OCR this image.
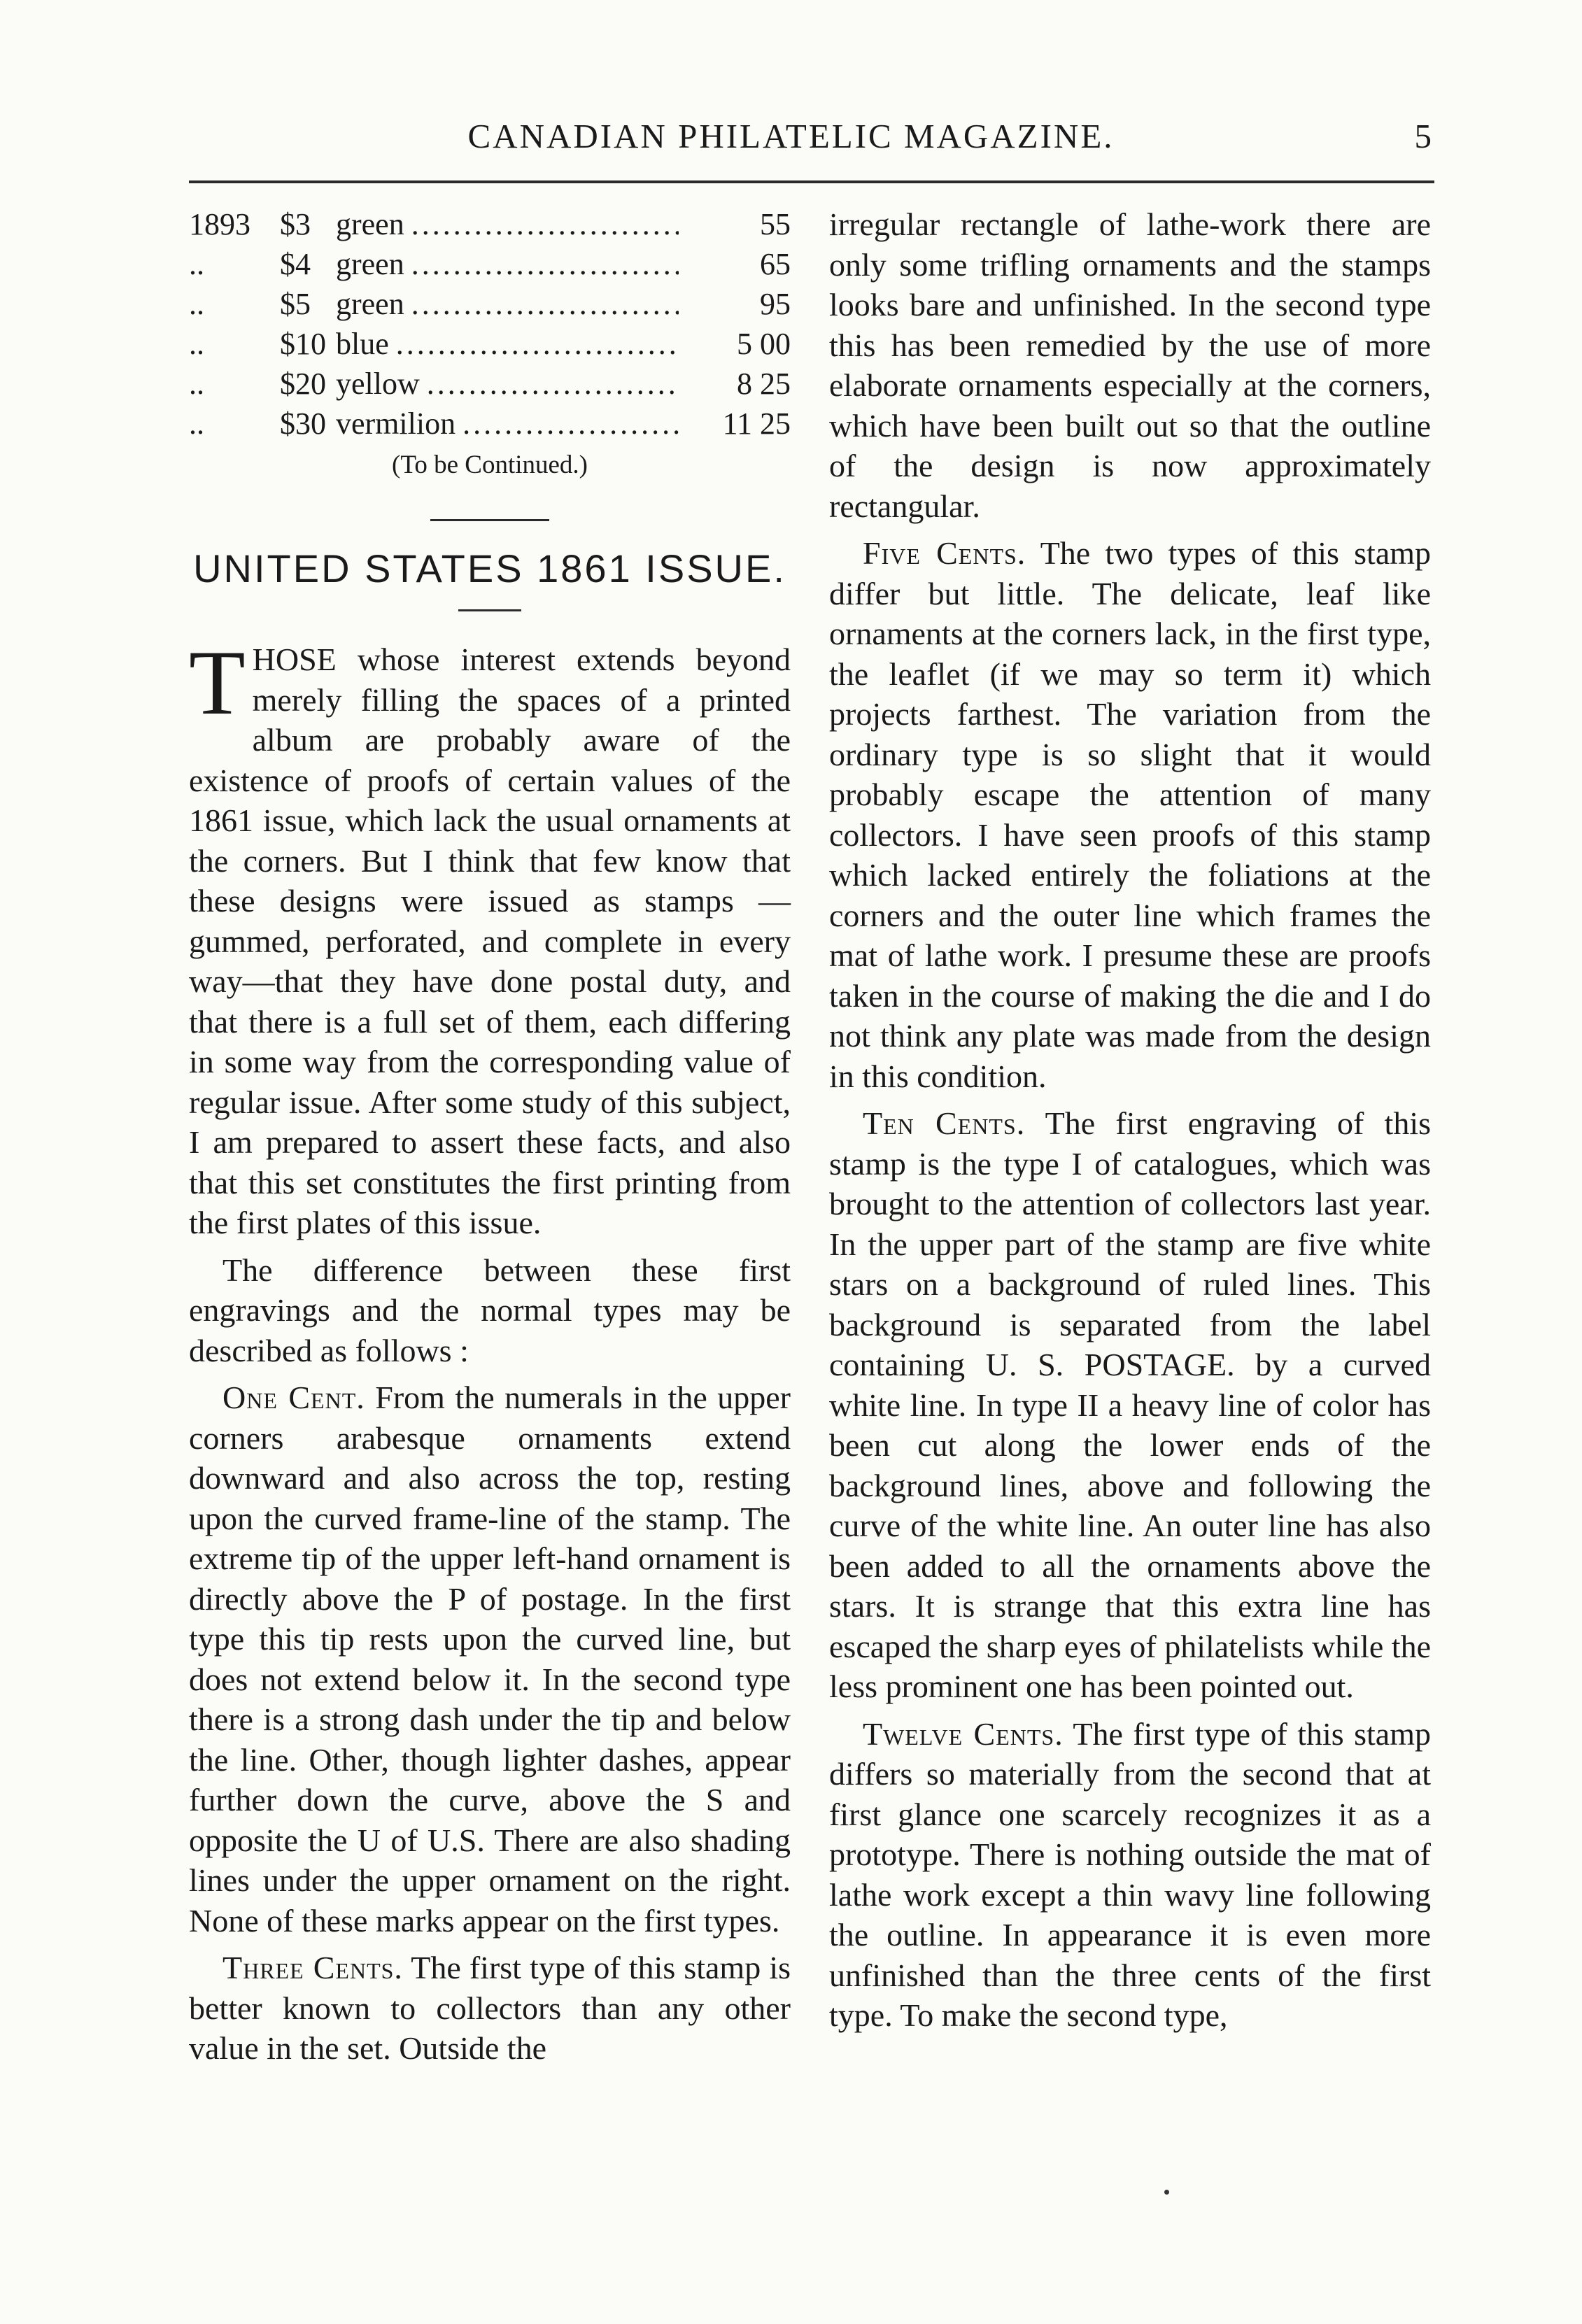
CANADIAN PHILATELIC MAGAZINE.	5
1893 $3 green .....	55
..	$4 green .....	65
..	$5 green .....	95
..	$10 blue .....	5 00
..	$20 yellow .....	8 25
..	$30 vermilion .....	11 25
(To be Continued.)
UNITED STATES 1861 ISSUE.

THOSE whose interest extends beyond merely filling the spaces of a printed album are probably aware of the existence of proofs of certain values of the 1861 issue, which lack the usual ornaments at the corners. But I think that few know that these designs were issued as stamps — gummed, perforated, and complete in every way—that they have done postal duty, and that there is a full set of them, each differing in some way from the corresponding value of regular issue. After some study of this subject, I am prepared to assert these facts, and also that this set constitutes the first printing from the first plates of this issue.

The difference between these first engravings and the normal types may be described as follows :

One Cent. From the numerals in the upper corners arabesque ornaments extend downward and also across the top, resting upon the curved frame-line of the stamp. The extreme tip of the upper left-hand ornament is directly above the P of postage. In the first type this tip rests upon the curved line, but does not extend below it. In the second type there is a strong dash under the tip and below the line. Other, though lighter dashes, appear further down the curve, above the S and opposite the U of U.S. There are also shading lines under the upper ornament on the right. None of these marks appear on the first types.

Three Cents. The first type of this stamp is better known to collectors than any other value in the set. Outside the

irregular rectangle of lathe-work there are only some trifling ornaments and the stamps looks bare and unfinished. In the second type this has been remedied by the use of more elaborate ornaments especially at the corners, which have been built out so that the outline of the design is now approximately rectangular.

Five Cents. The two types of this stamp differ but little. The delicate, leaf like ornaments at the corners lack, in the first type, the leaflet (if we may so term it) which projects farthest. The variation from the ordinary type is so slight that it would probably escape the attention of many collectors. I have seen proofs of this stamp which lacked entirely the foliations at the corners and the outer line which frames the mat of lathe work. I presume these are proofs taken in the course of making the die and I do not think any plate was made from the design in this condition.

Ten Cents. The first engraving of this stamp is the type I of catalogues, which was brought to the attention of collectors last year. In the upper part of the stamp are five white stars on a background of ruled lines. This background is separated from the label containing U. S. POSTAGE. by a curved white line. In type II a heavy line of color has been cut along the lower ends of the background lines, above and following the curve of the white line. An outer line has also been added to all the ornaments above the stars. It is strange that this extra line has escaped the sharp eyes of philatelists while the less prominent one has been pointed out.

Twelve Cents. The first type of this stamp differs so materially from the second that at first glance one scarcely recognizes it as a prototype. There is nothing outside the mat of lathe work except a thin wavy line following the outline. In appearance it is even more unfinished than the three cents of the first type. To make the second type,
